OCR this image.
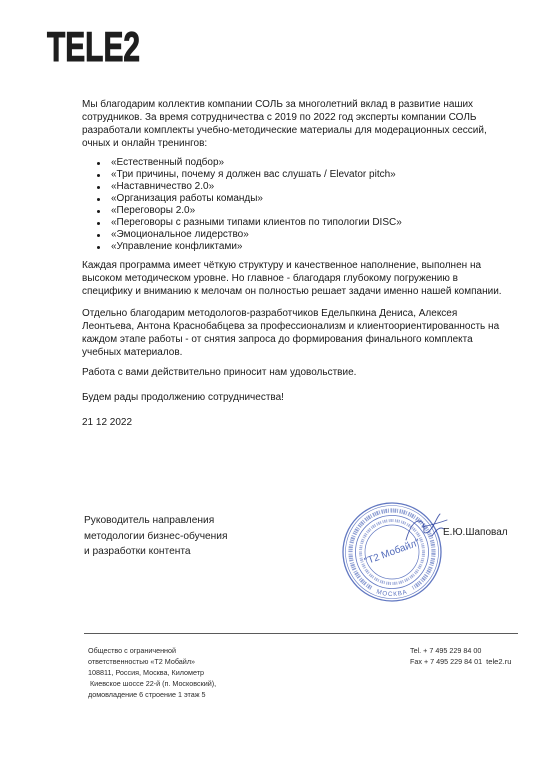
TELE2
Мы благодарим коллектив компании СОЛЬ за многолетний вклад в развитие наших
сотрудников. За время сотрудничества с 2019 по 2022 год эксперты компании СОЛЬ
разработали комплекты учебно-методические материалы для модерационных сессий,
очных и онлайн тренингов:
«Естественный подбор»
«Три причины, почему я должен вас слушать / Elevator pitch»
«Наставничество 2.0»
«Организация работы команды»
«Переговоры 2.0»
«Переговоры с разными типами клиентов по типологии DISC»
«Эмоциональное лидерство»
«Управление конфликтами»
Каждая программа имеет чёткую структуру и качественное наполнение, выполнен на
высоком методическом уровне. Но главное - благодаря глубокому погружению в
специфику и вниманию к мелочам он полностью решает задачи именно нашей компании.
Отдельно благодарим методологов-разработчиков Едельпкина Дениса, Алексея
Леонтьева, Антона Краснобабцева за профессионализм и клиентоориентированность на
каждом этапе работы - от снятия запроса до формирования финального комплекта
учебных материалов.
Работа с вами действительно приносит нам удовольствие.
Будем рады продолжению сотрудничества!
21 12 2022
Руководитель направления
методологии бизнес-обучения
и разработки контента
МОСКВА
"Т2 Мобайл"
Е.Ю.Шаповал
Общество с ограниченной
ответственностью «Т2 Мобайл»
108811, Россия, Москва, Километр
Киевское шоссе 22-й (п. Московский),
домовладение 6 строение 1 этаж 5
Tel. + 7 495 229 84 00
Fax + 7 495 229 84 01 tele2.ru
